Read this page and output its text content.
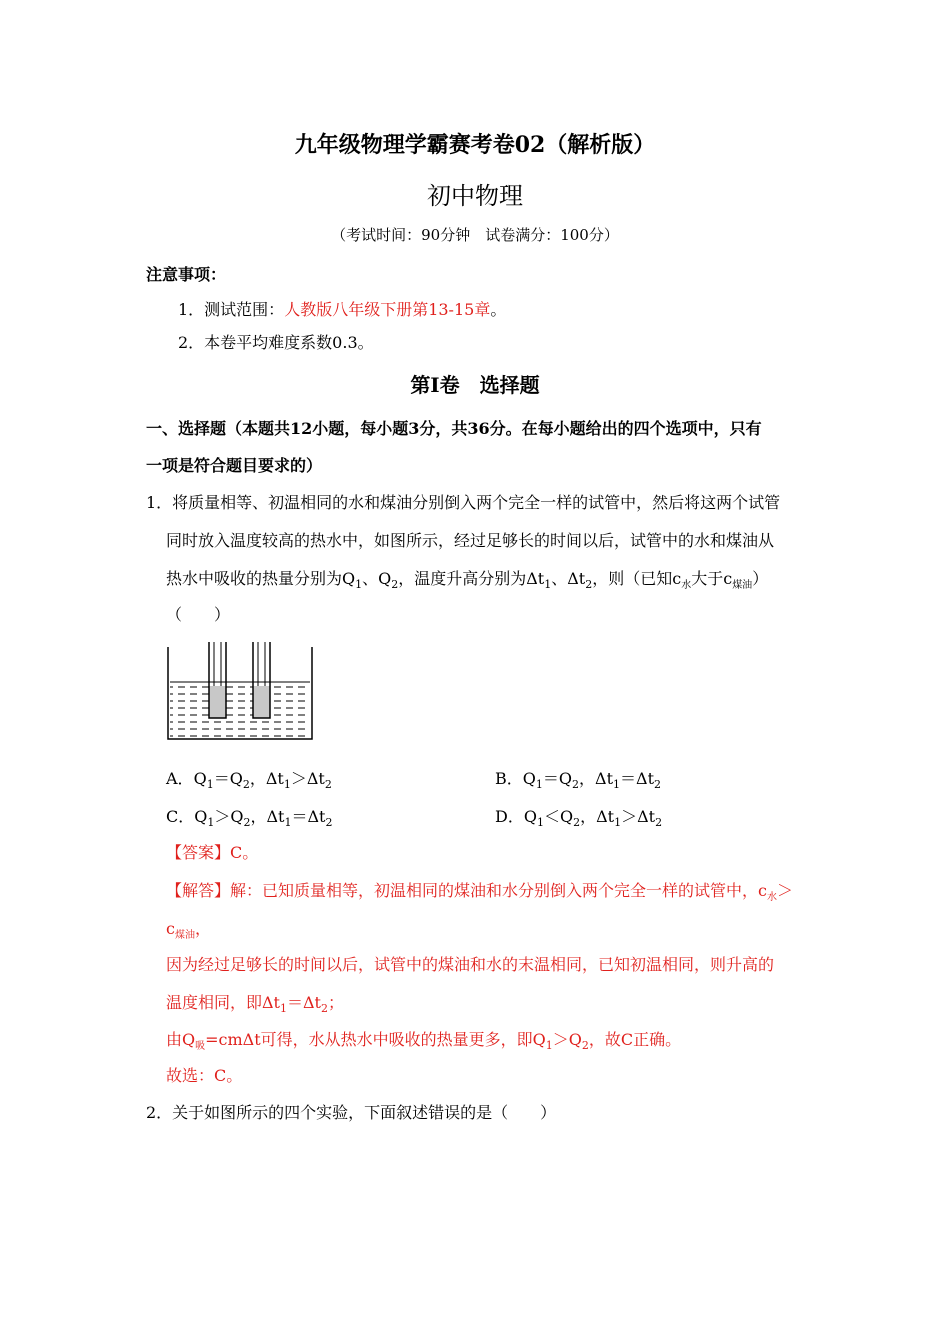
九年级物理学霸赛考卷02（解析版）
初中物理
（考试时间：90分钟　试卷满分：100分）
注意事项：
1．测试范围：人教版八年级下册第13-15章。
2．本卷平均难度系数0.3。
第Ⅰ卷　选择题
一、选择题（本题共12小题，每小题3分，共36分。在每小题给出的四个选项中，只有
一项是符合题目要求的）
1．将质量相等、初温相同的水和煤油分别倒入两个完全一样的试管中，然后将这两个试管
同时放入温度较高的热水中，如图所示，经过足够长的时间以后，试管中的水和煤油从
热水中吸收的热量分别为$Q_1$、$Q_2$，温度升高分别为$\Delta t_1$、$\Delta t_2$，则（已知$c_水$大于$c_{煤油}$）
（　　）
A．$Q_1=Q_2$，$\Delta t_1>\Delta t_2$	B．$Q_1=Q_2$，$\Delta t_1=\Delta t_2$
C．$Q_1>Q_2$，$\Delta t_1=\Delta t_2$	D．$Q_1<Q_2$，$\Delta t_1>\Delta t_2$
【答案】C。
【解答】解：已知质量相等，初温相同的煤油和水分别倒入两个完全一样的试管中，$c_水>$
$c_{煤油}$，
因为经过足够长的时间以后，试管中的煤油和水的末温相同，已知初温相同，则升高的
温度相同，即$\Delta t_1=\Delta t_2$；
由$Q_吸=cm\Delta t$可得，水从热水中吸收的热量更多，即$Q_1>Q_2$，故C正确。
故选：C。
2．关于如图所示的四个实验，下面叙述错误的是（　　）
